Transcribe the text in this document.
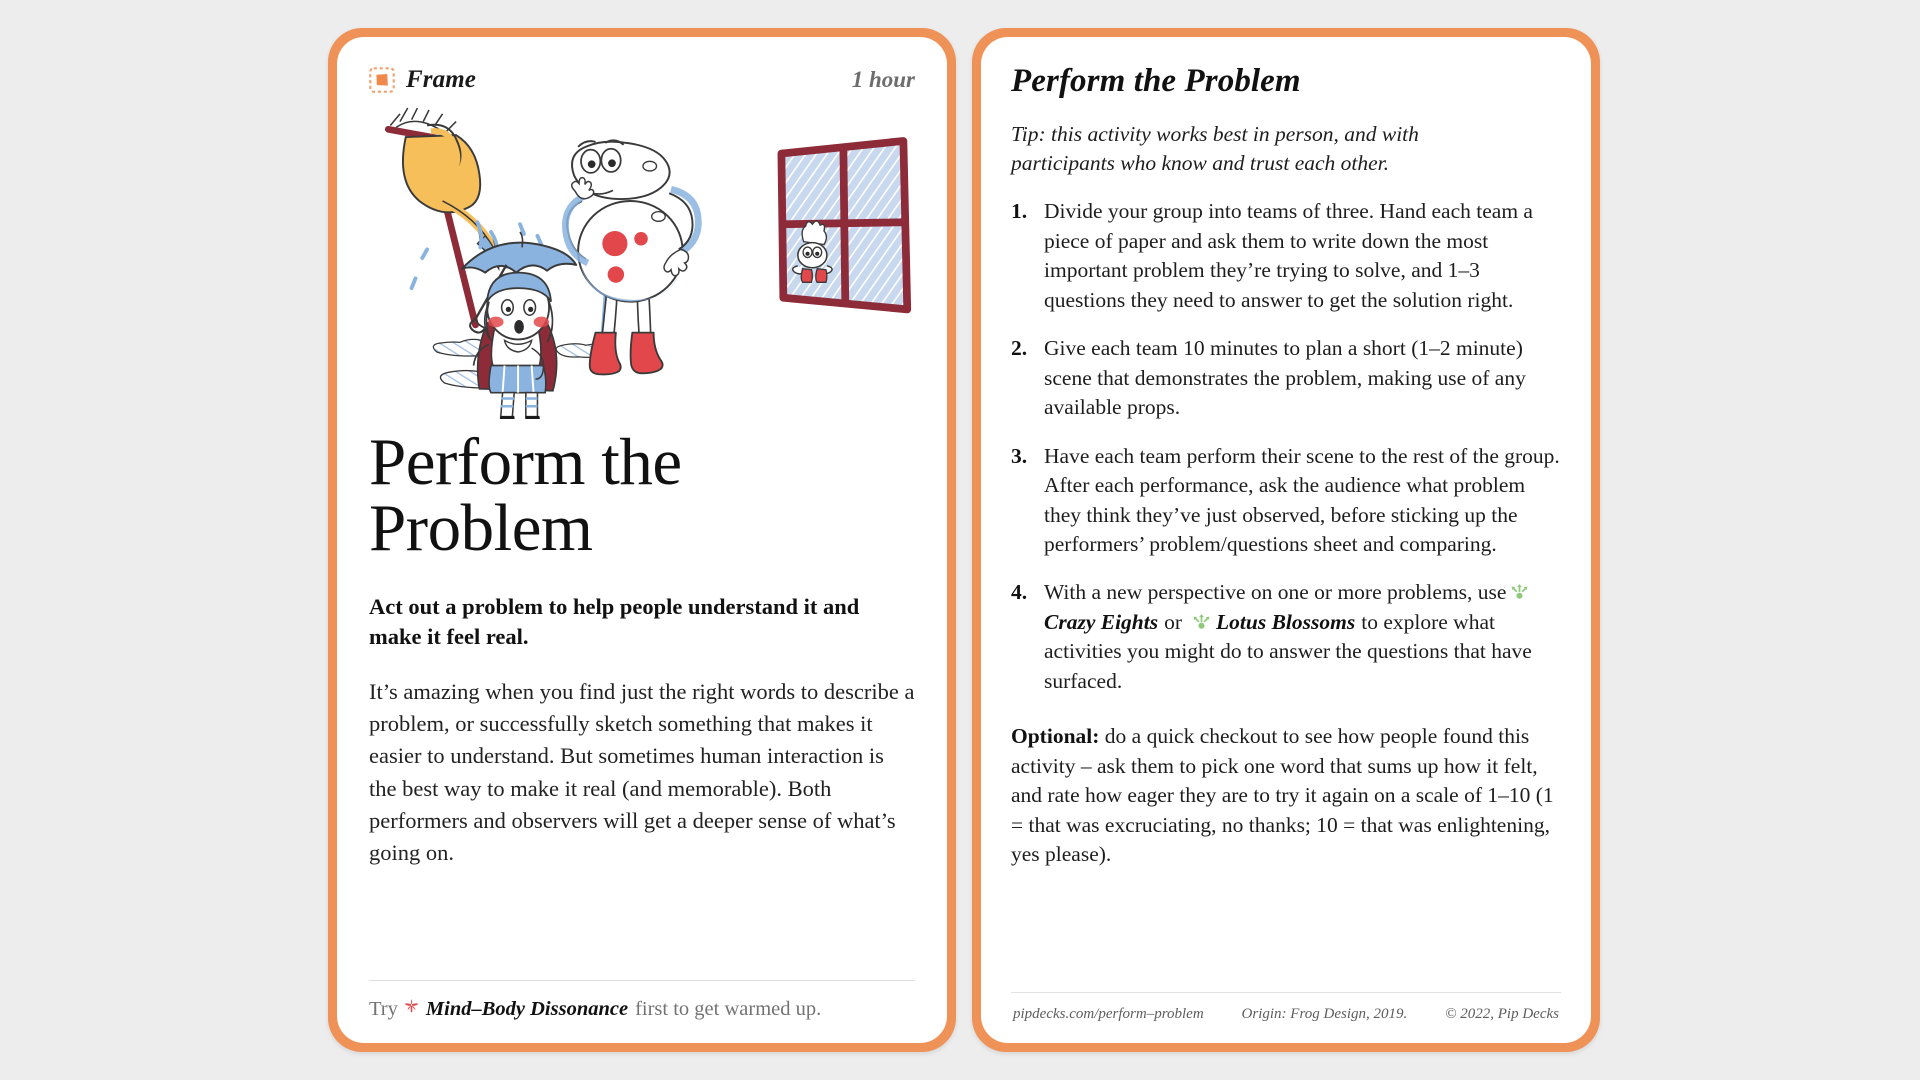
Frame	1 hour
Perform the Problem
Act out a problem to help people understand it and make it feel real.
It’s amazing when you find just the right words to describe a problem, or successfully sketch something that makes it easier to understand. But sometimes human interaction is the best way to make it real (and memorable). Both performers and observers will get a deeper sense of what’s going on.
Try Mind–Body Dissonance first to get warmed up.
Perform the Problem
Tip: this activity works best in person, and with participants who know and trust each other.
1. Divide your group into teams of three. Hand each team a piece of paper and ask them to write down the most important problem they’re trying to solve, and 1–3 questions they need to answer to get the solution right.
2. Give each team 10 minutes to plan a short (1–2 minute) scene that demonstrates the problem, making use of any available props.
3. Have each team perform their scene to the rest of the group. After each performance, ask the audience what problem they think they’ve just observed, before sticking up the performers’ problem/questions sheet and comparing.
4. With a new perspective on one or more problems, useCrazy Eights or Lotus Blossoms to explore what activities you might do to answer the questions that have surfaced.
Optional: do a quick checkout to see how people found this activity – ask them to pick one word that sums up how it felt, and rate how eager they are to try it again on a scale of 1–10 (1 = that was excruciating, no thanks; 10 = that was enlightening, yes please).
pipdecks.com/perform–problem	Origin: Frog Design, 2019.	© 2022, Pip Decks
